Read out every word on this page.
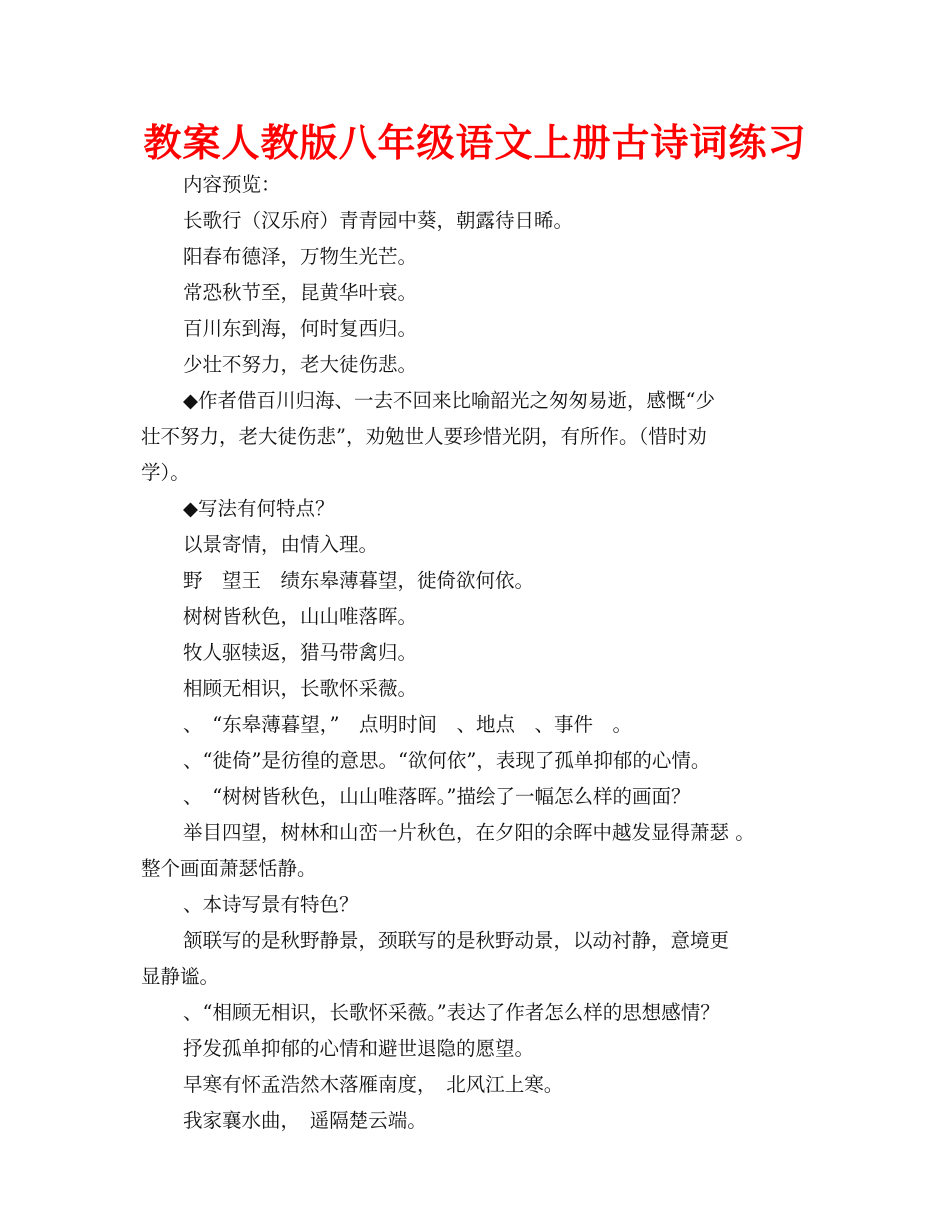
教案人教版八年级语文上册古诗词练习
内容预览：
长歌行（汉乐府）青青园中葵，朝露待日晞。
阳春布德泽，万物生光芒。
常恐秋节至，昆黄华叶衰。
百川东到海，何时复西归。
少壮不努力，老大徒伤悲。
◆作者借百川归海、一去不回来比喻韶光之匆匆易逝，感慨“少
壮不努力，老大徒伤悲”，劝勉世人要珍惜光阴，有所作。（惜时劝
学）。
◆写法有何特点？
以景寄情，由情入理。
野　望王　绩东皋薄暮望，徙倚欲何依。
树树皆秋色，山山唯落晖。
牧人驱犊返，猎马带禽归。
相顾无相识，长歌怀采薇。
、　“东皋薄暮望，”　点明时间　、地点　、事件　。
、“徙倚”是彷徨的意思。“欲何依”，表现了孤单抑郁的心情。
、　“树树皆秋色，山山唯落晖。”描绘了一幅怎么样的画面？
举目四望，树林和山峦一片秋色，在夕阳的余晖中越发显得萧瑟 。
整个画面萧瑟恬静。
、本诗写景有特色？
颔联写的是秋野静景，颈联写的是秋野动景，以动衬静，意境更
显静谧。
、“相顾无相识，长歌怀采薇。”表达了作者怎么样的思想感情？
抒发孤单抑郁的心情和避世退隐的愿望。
早寒有怀孟浩然木落雁南度，　北风江上寒。
我家襄水曲，　遥隔楚云端。
